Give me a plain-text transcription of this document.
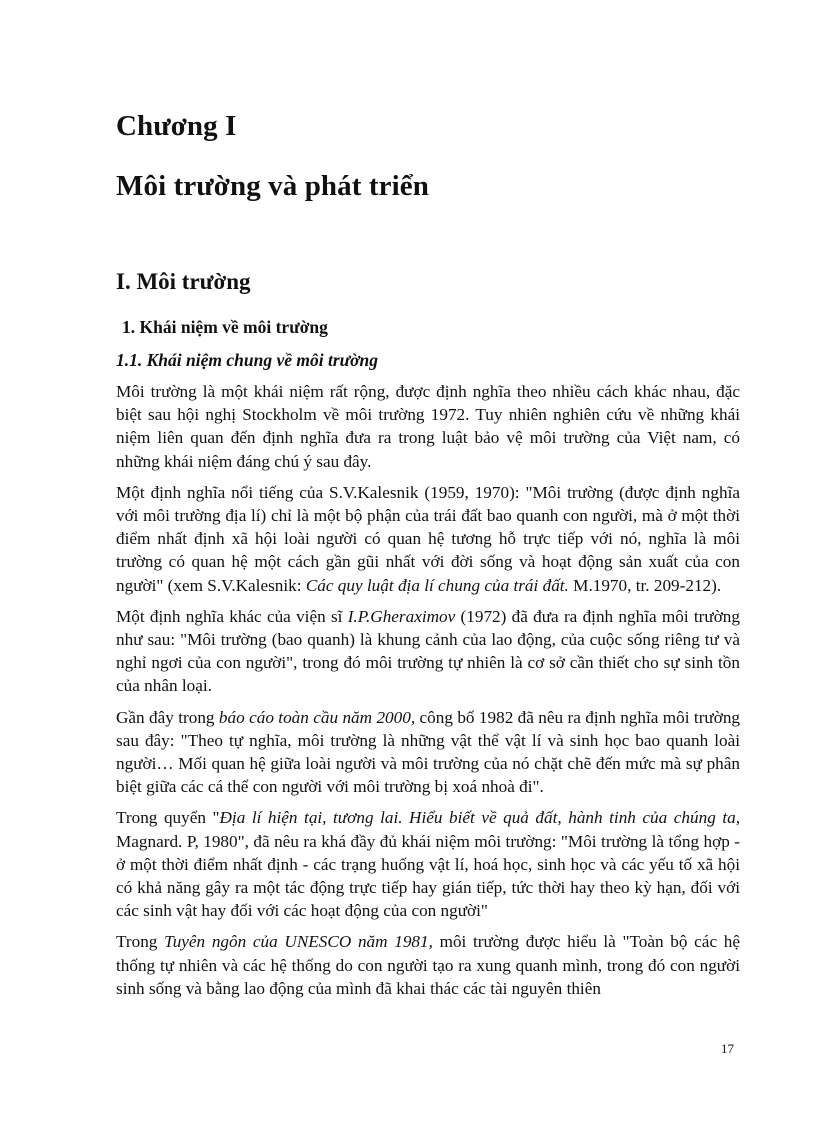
Chương I
Môi trường và phát triển
I. Môi trường
1. Khái niệm về môi trường
1.1. Khái niệm chung về môi trường

Môi trường là một khái niệm rất rộng, được định nghĩa theo nhiều cách khác nhau, đặc biệt sau hội nghị Stockholm về môi trường 1972. Tuy nhiên nghiên cứu về những khái niệm liên quan đến định nghĩa đưa ra trong luật bảo vệ môi trường của Việt nam, có những khái niệm đáng chú ý sau đây.

Một định nghĩa nổi tiếng của S.V.Kalesnik (1959, 1970): "Môi trường (được định nghĩa với môi trường địa lí) chỉ là một bộ phận của trái đất bao quanh con người, mà ở một thời điểm nhất định xã hội loài người có quan hệ tương hỗ trực tiếp với nó, nghĩa là môi trường có quan hệ một cách gần gũi nhất với đời sống và hoạt động sản xuất của con người" (xem S.V.Kalesnik: Các quy luật địa lí chung của trái đất. M.1970, tr. 209-212).

Một định nghĩa khác của viện sĩ I.P.Gheraximov (1972) đã đưa ra định nghĩa môi trường như sau: "Môi trường (bao quanh) là khung cảnh của lao động, của cuộc sống riêng tư và nghỉ ngơi của con người", trong đó môi trường tự nhiên là cơ sở cần thiết cho sự sinh tồn của nhân loại.

Gần đây trong báo cáo toàn cầu năm 2000, công bố 1982 đã nêu ra định nghĩa môi trường sau đây: "Theo tự nghĩa, môi trường là những vật thể vật lí và sinh học bao quanh loài người… Mối quan hệ giữa loài người và môi trường của nó chặt chẽ đến mức mà sự phân biệt giữa các cá thể con người với môi trường bị xoá nhoà đi".

Trong quyển "Địa lí hiện tại, tương lai. Hiểu biết về quả đất, hành tinh của chúng ta, Magnard. P, 1980", đã nêu ra khá đầy đủ khái niệm môi trường: "Môi trường là tổng hợp - ở một thời điểm nhất định - các trạng huống vật lí, hoá học, sinh học và các yếu tố xã hội có khả năng gây ra một tác động trực tiếp hay gián tiếp, tức thời hay theo kỳ hạn, đối với các sinh vật hay đối với các hoạt động của con người"

Trong Tuyên ngôn của UNESCO năm 1981, môi trường được hiểu là "Toàn bộ các hệ thống tự nhiên và các hệ thống do con người tạo ra xung quanh mình, trong đó con người sinh sống và bằng lao động của mình đã khai thác các tài nguyên thiên

17
